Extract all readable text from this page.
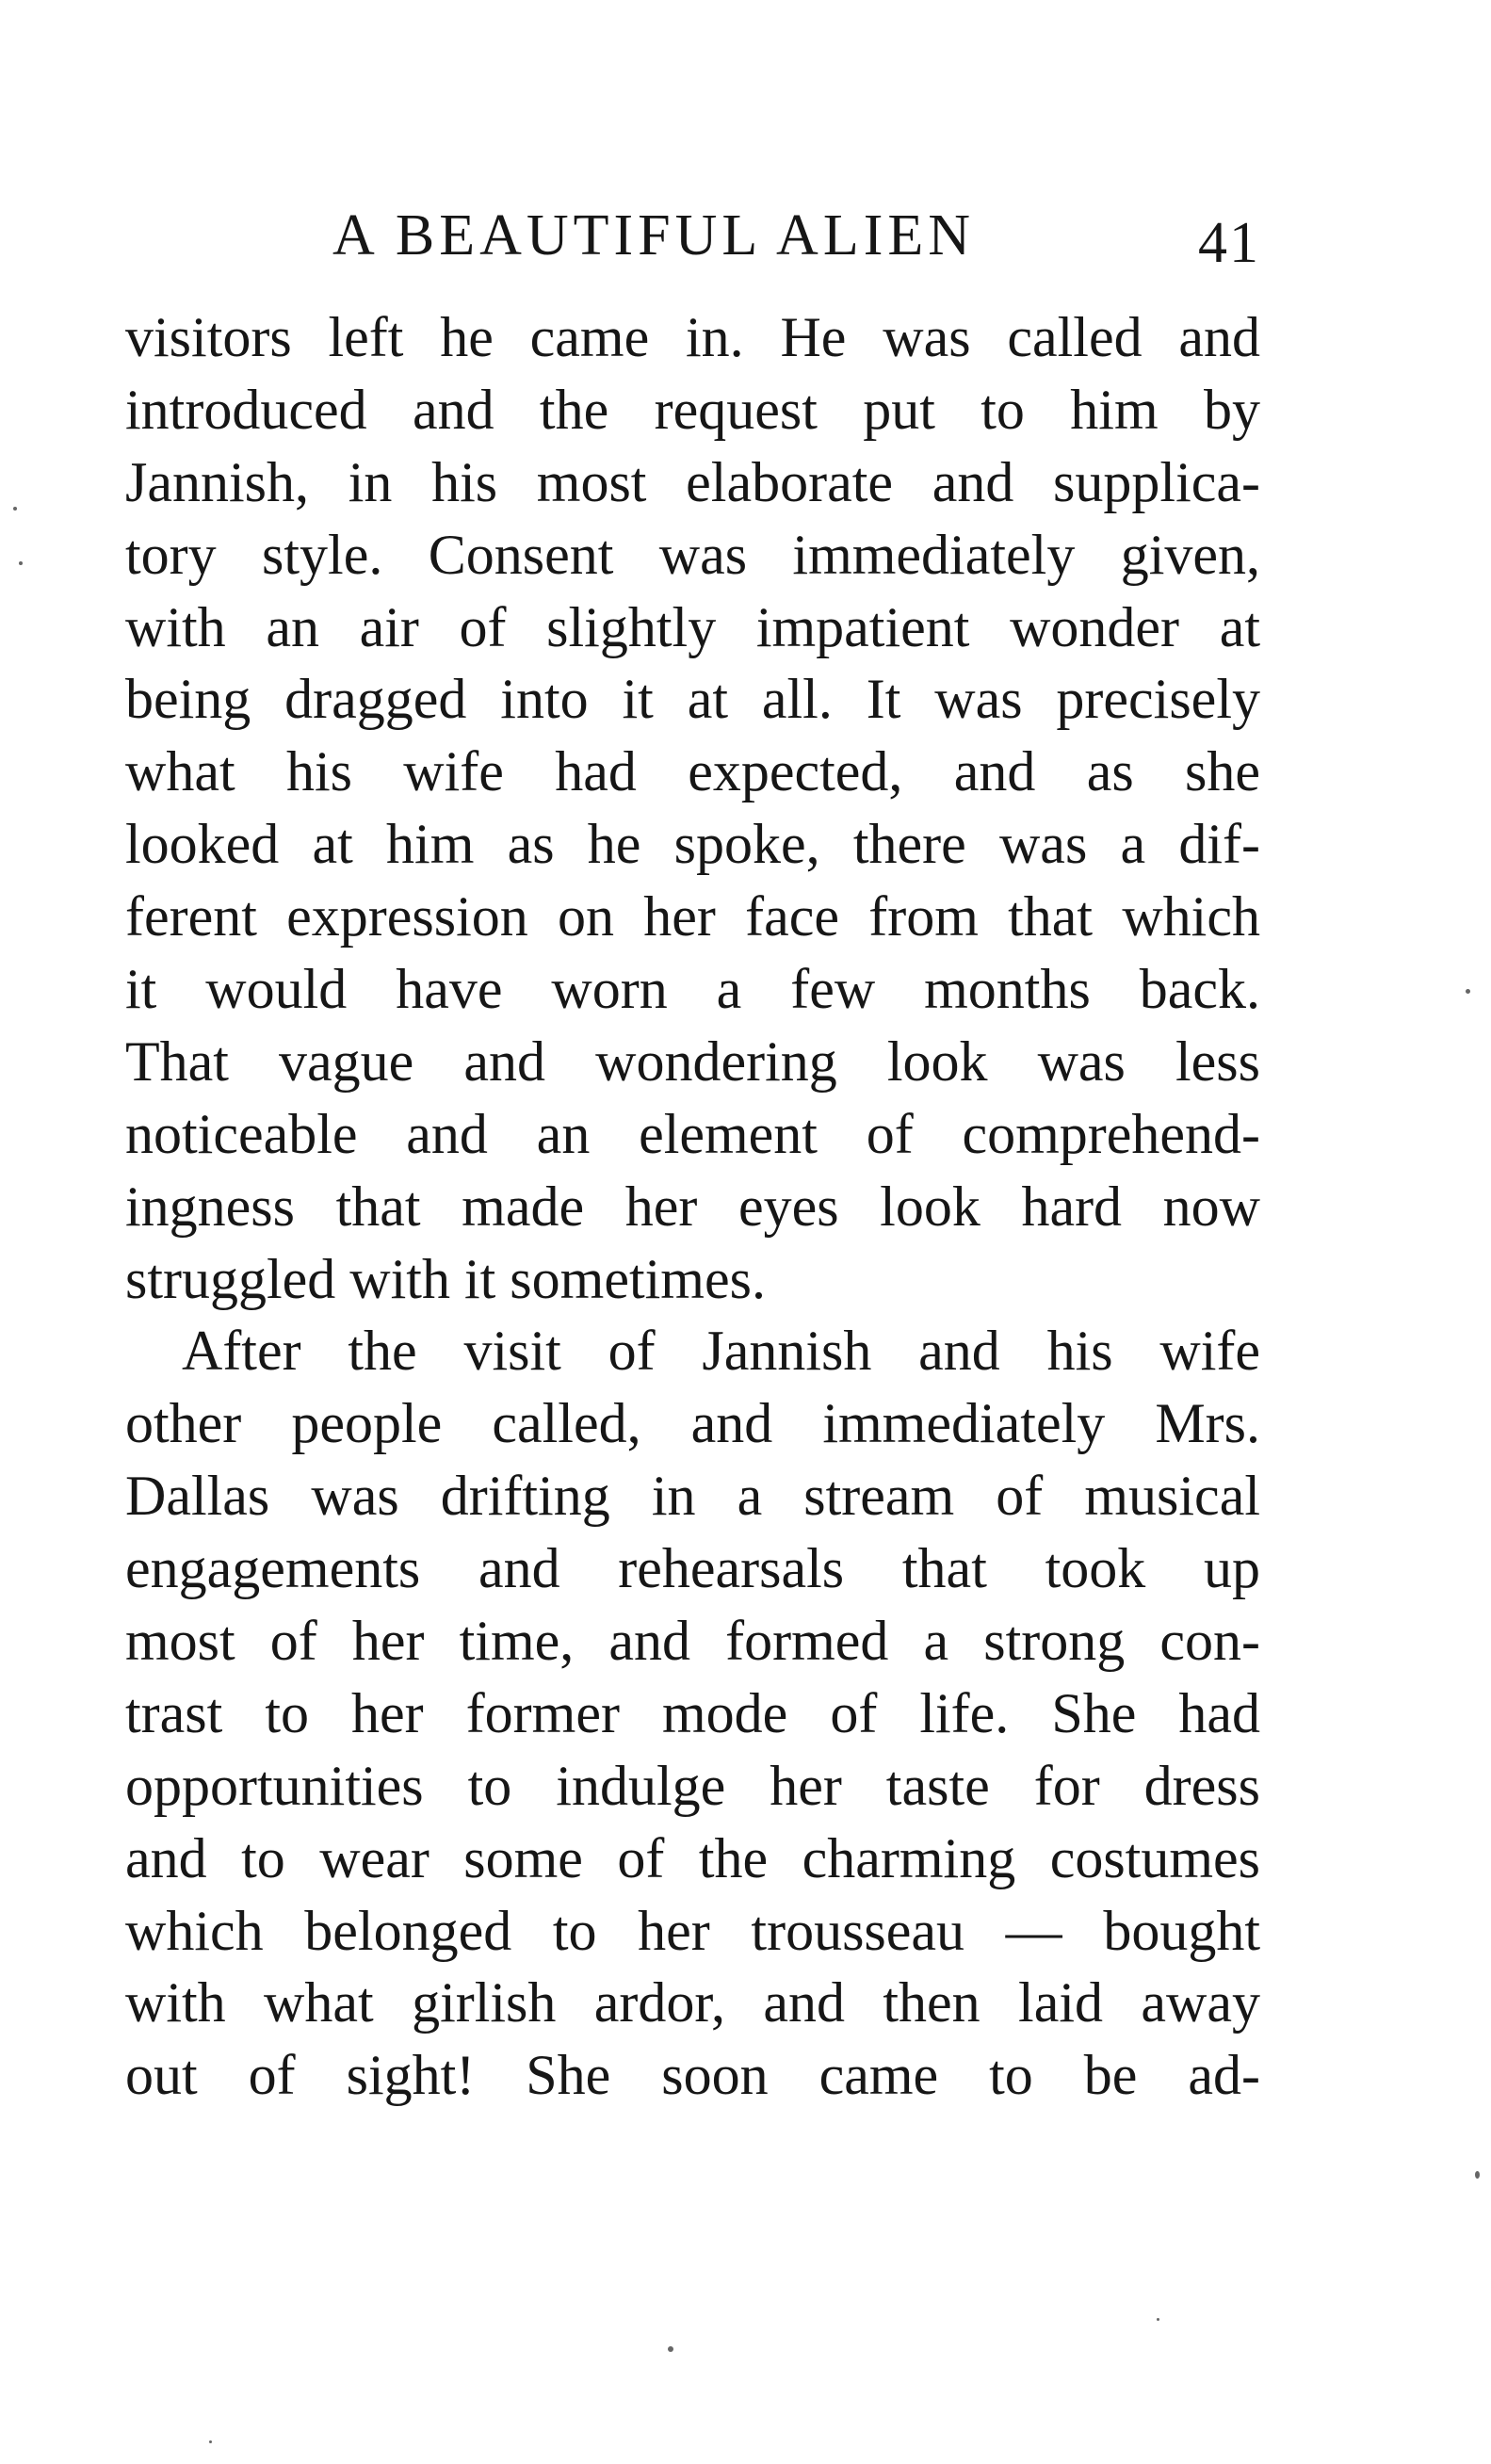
A BEAUTIFUL ALIEN	41
visitors left he came in. He was called and
introduced and the request put to him by
Jannish, in his most elaborate and supplica-
tory style. Consent was immediately given,
with an air of slightly impatient wonder at
being dragged into it at all. It was precisely
what his wife had expected, and as she
looked at him as he spoke, there was a dif-
ferent expression on her face from that which
it would have worn a few months back.
That vague and wondering look was less
noticeable and an element of comprehend-
ingness that made her eyes look hard now
struggled with it sometimes.
After the visit of Jannish and his wife
other people called, and immediately Mrs.
Dallas was drifting in a stream of musical
engagements and rehearsals that took up
most of her time, and formed a strong con-
trast to her former mode of life. She had
opportunities to indulge her taste for dress
and to wear some of the charming costumes
which belonged to her trousseau — bought
with what girlish ardor, and then laid away
out of sight! She soon came to be ad-
